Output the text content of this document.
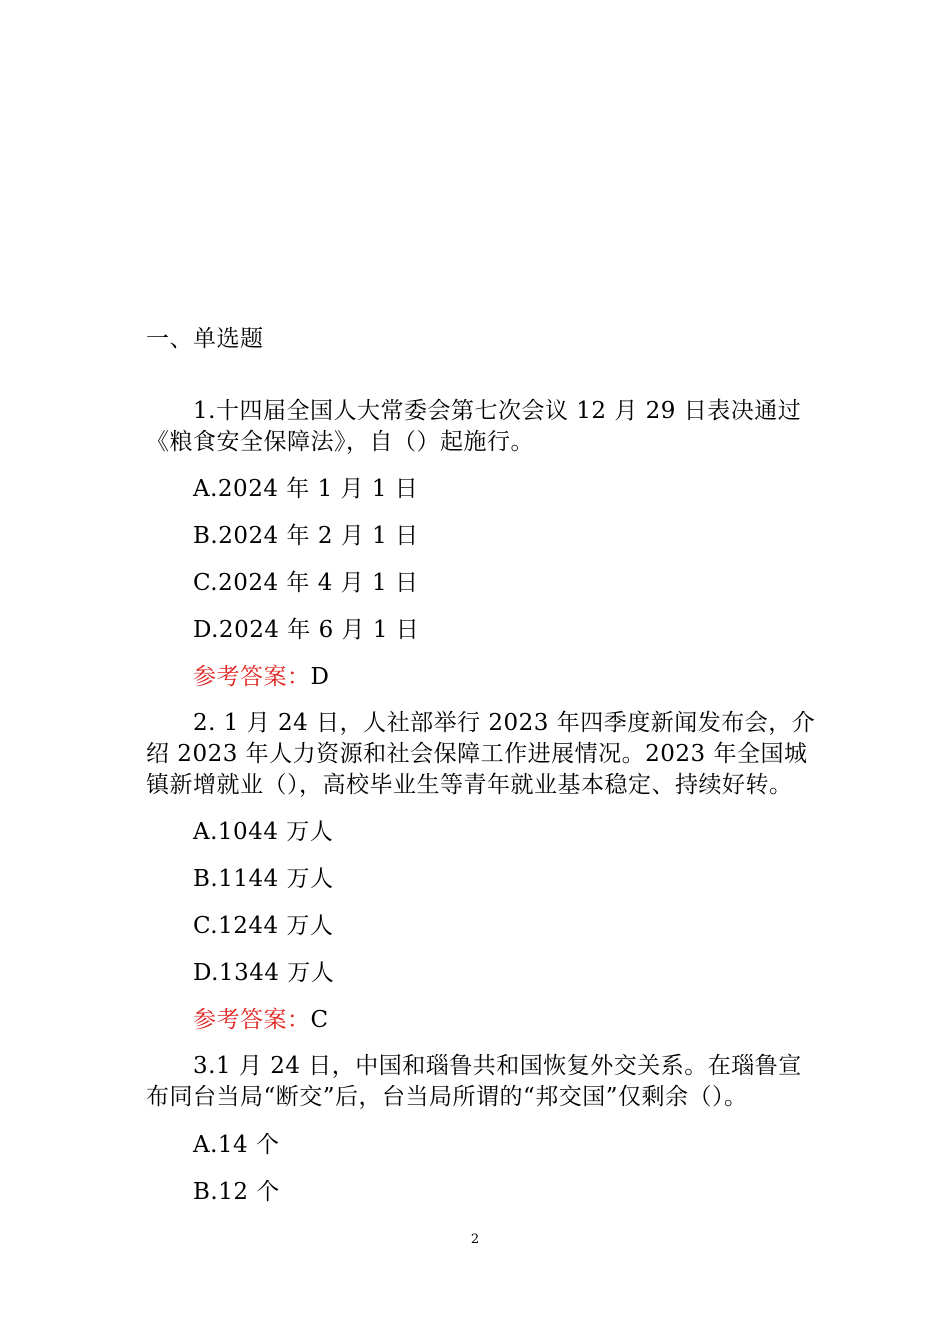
一、单选题
1.十四届全国人大常委会第七次会议 12 月 29 日表决通过
《粮食安全保障法》，自（）起施行。
A.2024 年 1 月 1 日
B.2024 年 2 月 1 日
C.2024 年 4 月 1 日
D.2024 年 6 月 1 日
参考答案：D
2. 1 月 24 日，人社部举行 2023 年四季度新闻发布会，介
绍 2023 年人力资源和社会保障工作进展情况。2023 年全国城
镇新增就业（），高校毕业生等青年就业基本稳定、持续好转。
A.1044 万人
B.1144 万人
C.1244 万人
D.1344 万人
参考答案：C
3.1 月 24 日，中国和瑙鲁共和国恢复外交关系。在瑙鲁宣
布同台当局“断交”后，台当局所谓的“邦交国”仅剩余（）。
A.14 个
B.12 个
2
